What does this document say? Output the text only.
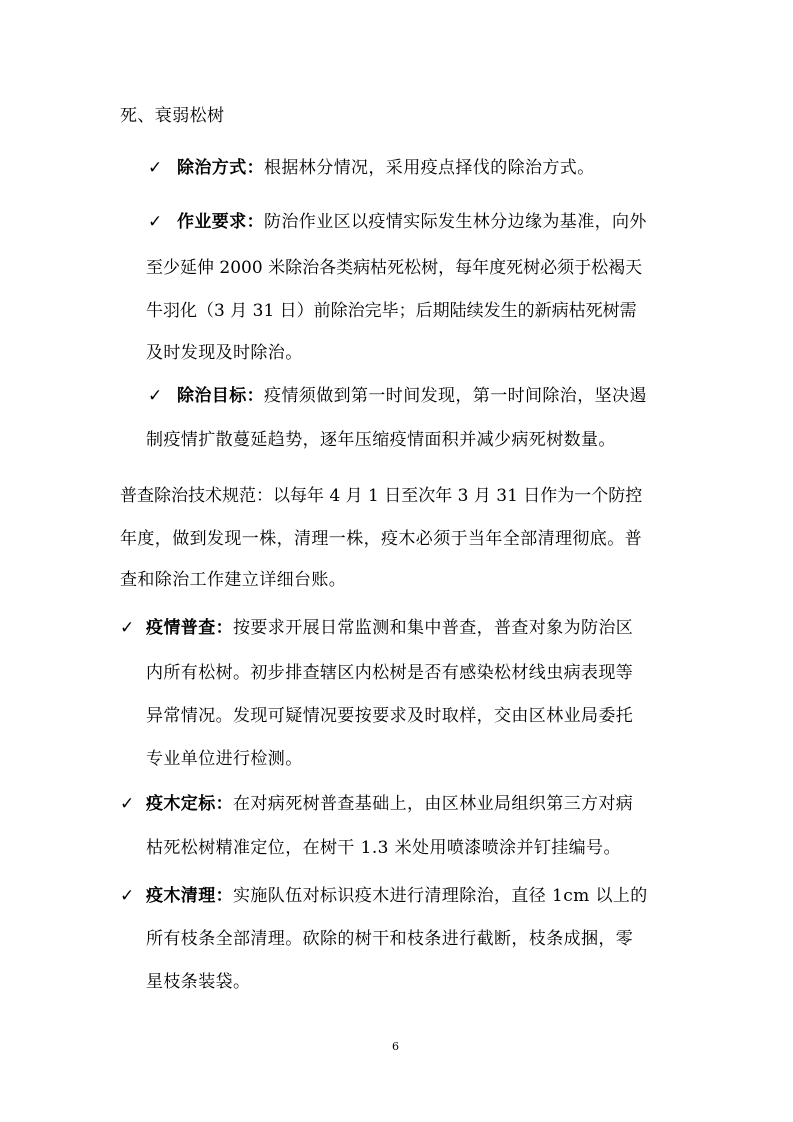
死、衰弱松树
✓ 除治方式：根据林分情况，采用疫点择伐的除治方式。
✓ 作业要求：防治作业区以疫情实际发生林分边缘为基准，向外
至少延伸 2000 米除治各类病枯死松树，每年度死树必须于松褐天
牛羽化（3 月 31 日）前除治完毕；后期陆续发生的新病枯死树需
及时发现及时除治。
✓ 除治目标：疫情须做到第一时间发现，第一时间除治，坚决遏
制疫情扩散蔓延趋势，逐年压缩疫情面积并减少病死树数量。
普查除治技术规范：以每年 4 月 1 日至次年 3 月 31 日作为一个防控
年度，做到发现一株，清理一株，疫木必须于当年全部清理彻底。普
查和除治工作建立详细台账。
✓ 疫情普查：按要求开展日常监测和集中普查，普查对象为防治区
内所有松树。初步排查辖区内松树是否有感染松材线虫病表现等
异常情况。发现可疑情况要按要求及时取样，交由区林业局委托
专业单位进行检测。
✓ 疫木定标：在对病死树普查基础上，由区林业局组织第三方对病
枯死松树精准定位，在树干 1.3 米处用喷漆喷涂并钉挂编号。
✓ 疫木清理：实施队伍对标识疫木进行清理除治，直径 1cm 以上的
所有枝条全部清理。砍除的树干和枝条进行截断，枝条成捆，零
星枝条装袋。
6
